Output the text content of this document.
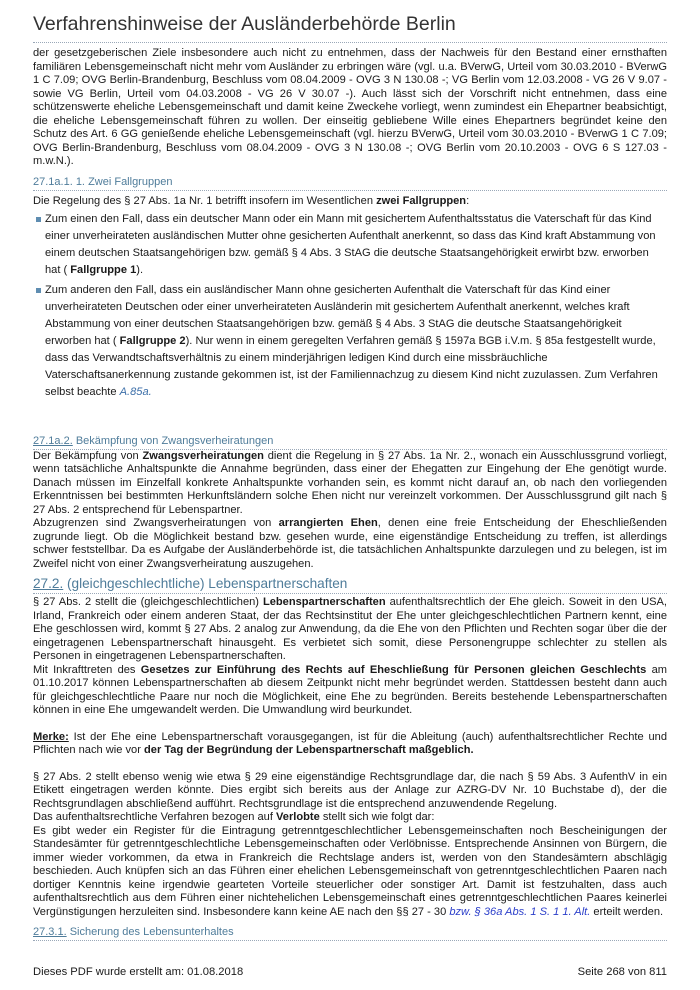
Verfahrenshinweise der Ausländerbehörde Berlin

der gesetzgeberischen Ziele insbesondere auch nicht zu entnehmen, dass der Nachweis für den Bestand einer ernsthaften familiären Lebensgemeinschaft nicht mehr vom Ausländer zu erbringen wäre (vgl. u.a. BVerwG, Urteil vom 30.03.2010 - BVerwG 1 C 7.09; OVG Berlin-Brandenburg, Beschluss vom 08.04.2009 - OVG 3 N 130.08 -; VG Berlin vom 12.03.2008 - VG 26 V 9.07 - sowie VG Berlin, Urteil vom 04.03.2008 - VG 26 V 30.07 -). Auch lässt sich der Vorschrift nicht entnehmen, dass eine schützenswerte eheliche Lebensgemeinschaft und damit keine Zweckehe vorliegt, wenn zumindest ein Ehepartner beabsichtigt, die eheliche Lebensgemeinschaft führen zu wollen. Der einseitig gebliebene Wille eines Ehepartners begründet keine den Schutz des Art. 6 GG genießende eheliche Lebensgemeinschaft (vgl. hierzu BVerwG, Urteil vom 30.03.2010 - BVerwG 1 C 7.09; OVG Berlin-Brandenburg, Beschluss vom 08.04.2009 - OVG 3 N 130.08 -; OVG Berlin vom 20.10.2003 - OVG 6 S 127.03 - m.w.N.).

27.1a.1. 1. Zwei Fallgruppen

Die Regelung des § 27 Abs. 1a Nr. 1 betrifft insofern im Wesentlichen zwei Fallgruppen:

Zum einen den Fall, dass ein deutscher Mann oder ein Mann mit gesichertem Aufenthaltsstatus die Vaterschaft für das Kind einer unverheirateten ausländischen Mutter ohne gesicherten Aufenthalt anerkennt, so dass das Kind kraft Abstammung von einem deutschen Staatsangehörigen bzw. gemäß § 4 Abs. 3 StAG die deutsche Staatsangehörigkeit erwirbt bzw. erworben hat ( Fallgruppe 1).
Zum anderen den Fall, dass ein ausländischer Mann ohne gesicherten Aufenthalt die Vaterschaft für das Kind einer unverheirateten Deutschen oder einer unverheirateten Ausländerin mit gesichertem Aufenthalt anerkennt, welches kraft Abstammung von einer deutschen Staatsangehörigen bzw. gemäß § 4 Abs. 3 StAG die deutsche Staatsangehörigkeit erworben hat ( Fallgruppe 2). Nur wenn in einem geregelten Verfahren gemäß § 1597a BGB i.V.m. § 85a festgestellt wurde, dass das Verwandtschaftsverhältnis zu einem minderjährigen ledigen Kind durch eine missbräuchliche Vaterschaftsanerkennung zustande gekommen ist, ist der Familiennachzug zu diesem Kind nicht zuzulassen. Zum Verfahren selbst beachte A.85a.
27.1a.2. Bekämpfung von Zwangsverheiratungen

Der Bekämpfung von Zwangsverheiratungen dient die Regelung in § 27 Abs. 1a Nr. 2., wonach ein Ausschlussgrund vorliegt, wenn tatsächliche Anhaltspunkte die Annahme begründen, dass einer der Ehegatten zur Eingehung der Ehe genötigt wurde. Danach müssen im Einzelfall konkrete Anhaltspunkte vorhanden sein, es kommt nicht darauf an, ob nach den vorliegenden Erkenntnissen bei bestimmten Herkunftsländern solche Ehen nicht nur vereinzelt vorkommen. Der Ausschlussgrund gilt nach § 27 Abs. 2 entsprechend für Lebenspartner.

Abzugrenzen sind Zwangsverheiratungen von arrangierten Ehen, denen eine freie Entscheidung der Eheschließenden zugrunde liegt. Ob die Möglichkeit bestand bzw. gesehen wurde, eine eigenständige Entscheidung zu treffen, ist allerdings schwer feststellbar. Da es Aufgabe der Ausländerbehörde ist, die tatsächlichen Anhaltspunkte darzulegen und zu belegen, ist im Zweifel nicht von einer Zwangsverheiratung auszugehen.

27.2. (gleichgeschlechtliche) Lebenspartnerschaften

§ 27 Abs. 2 stellt die (gleichgeschlechtlichen) Lebenspartnerschaften aufenthaltsrechtlich der Ehe gleich. Soweit in den USA, Irland, Frankreich oder einem anderen Staat, der das Rechtsinstitut der Ehe unter gleichgeschlechtlichen Partnern kennt, eine Ehe geschlossen wird, kommt § 27 Abs. 2 analog zur Anwendung, da die Ehe von den Pflichten und Rechten sogar über die der eingetragenen Lebenspartnerschaft hinausgeht. Es verbietet sich somit, diese Personengruppe schlechter zu stellen als Personen in eingetragenen Lebenspartnerschaften.

Mit Inkrafttreten des Gesetzes zur Einführung des Rechts auf Eheschließung für Personen gleichen Geschlechts am 01.10.2017 können Lebenspartnerschaften ab diesem Zeitpunkt nicht mehr begründet werden. Stattdessen besteht dann auch für gleichgeschlechtliche Paare nur noch die Möglichkeit, eine Ehe zu begründen. Bereits bestehende Lebenspartnerschaften können in eine Ehe umgewandelt werden. Die Umwandlung wird beurkundet.

Merke: Ist der Ehe eine Lebenspartnerschaft vorausgegangen, ist für die Ableitung (auch) aufenthaltsrechtlicher Rechte und Pflichten nach wie vor der Tag der Begründung der Lebenspartnerschaft maßgeblich.

§ 27 Abs. 2 stellt ebenso wenig wie etwa § 29 eine eigenständige Rechtsgrundlage dar, die nach § 59 Abs. 3 AufenthV in ein Etikett eingetragen werden könnte. Dies ergibt sich bereits aus der Anlage zur AZRG-DV Nr. 10 Buchstabe d), der die Rechtsgrundlagen abschließend aufführt. Rechtsgrundlage ist die entsprechend anzuwendende Regelung.

Das aufenthaltsrechtliche Verfahren bezogen auf Verlobte stellt sich wie folgt dar:

Es gibt weder ein Register für die Eintragung getrenntgeschlechtlicher Lebensgemeinschaften noch Bescheinigungen der Standesämter für getrenntgeschlechtliche Lebensgemeinschaften oder Verlöbnisse. Entsprechende Ansinnen von Bürgern, die immer wieder vorkommen, da etwa in Frankreich die Rechtslage anders ist, werden von den Standesämtern abschlägig beschieden. Auch knüpfen sich an das Führen einer ehelichen Lebensgemeinschaft von getrenntgeschlechtlichen Paaren nach dortiger Kenntnis keine irgendwie gearteten Vorteile steuerlicher oder sonstiger Art. Damit ist festzuhalten, dass auch aufenthaltsrechtlich aus dem Führen einer nichtehelichen Lebensgemeinschaft eines getrenntgeschlechtlichen Paares keinerlei Vergünstigungen herzuleiten sind. Insbesondere kann keine AE nach den §§ 27 - 30 bzw. § 36a Abs. 1 S. 1 1. Alt. erteilt werden.

27.3.1. Sicherung des Lebensunterhaltes
Dieses PDF wurde erstellt am: 01.08.2018	Seite 268 von 811
